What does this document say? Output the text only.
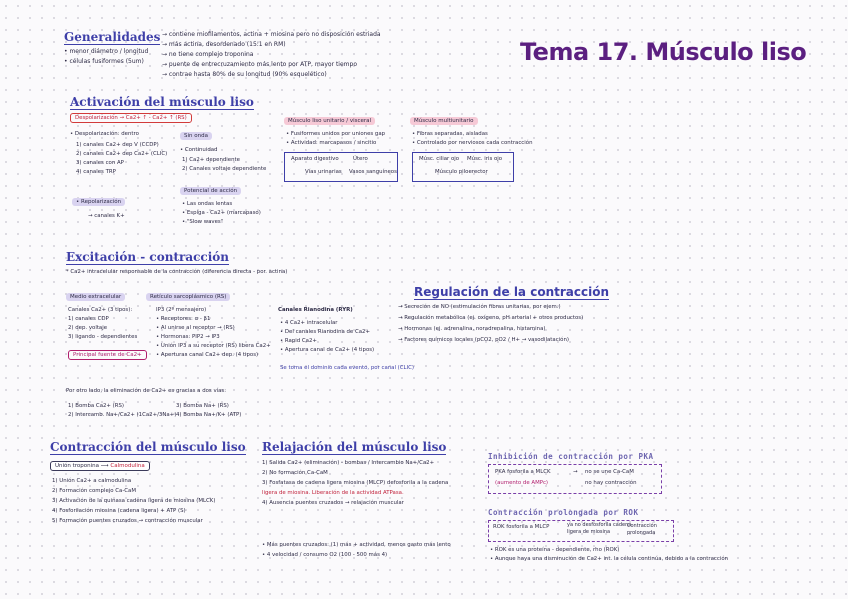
Tema 17. Músculo liso
Generalidades
• menor diámetro / longitud
• células fusiformes (5um)
→ contiene miofilamentos, actina + miosina pero no disposición estriada
→ más actina, desordenado (15:1 en RM)
→ no tiene complejo troponina
→ puente de entrecruzamiento más lento por ATP, mayor tiempo
→ contrae hasta 80% de su longitud (90% esquelético)
Activación del músculo liso
Despolarización → Ca2+ ↑ - Ca2+ ↑ (RS)
• Despolarización: dentro
1) canales Ca2+ dep V (CCDP)
2) canales Ca2+ dep Ca2+ (CLIC)
3) canales con AP
4) canales TRP
• Repolarización
→ canales K+
Sin onda
• Continuidad
1) Ca2+ dependiente
2) Canales voltaje dependiente
Potencial de acción
• Las ondas lentas
• Espiga - Ca2+ (marcapaso)
• "Slow waves"
Músculo liso unitario / visceral
• Fusiformes unidos por uniones gap
• Actividad: marcapasos / sincitio
Aparato digestivo	Útero
Vías urinarias Vasos sanguíneos
Músculo multiunitario
• Fibras separadas, aisladas
• Controlado por nerviosos cada contracción
Músc. ciliar ojo Músc. iris ojo
Músculo piloerector
Excitación - contracción
* Ca2+ intracelular responsable de la contracción (diferencia directa - por. actina)
Medio extracelular
Canales Ca2+ (3 tipos):
1) canales CDP
2) dep. voltaje
3) ligando - dependientes
Principal fuente de Ca2+
Retículo sarcoplásmico (RS)
IP3 (2º mensajero)
• Receptores: α - β1
• Al unirse al receptor → (RS)
• Hormonas: PIP2 → IP3
• Unión IP3 a su receptor (RS) libera Ca2+
• Aperturas canal Ca2+ dep. (4 tipos)
Canales Rianodina (RYR)
• 4 Ca2+ intracelular
• Del canales Rianodina de Ca2+
• Rapid Ca2+
• Apertura canal de Ca2+ (4 tipos)
Se toma el dominio cada evento, por canal (CLIC)
Por otro lado, la eliminación de Ca2+ es gracias a dos vías:
1) Bomba Ca2+ (RS)
2) Intercamb. Na+/Ca2+ (1Ca2+/3Na+)
3) Bomba Na+ (RS)
4) Bomba Na+/K+ (ATP)
Regulación de la contracción
→ Secreción de NO (estimulación fibras unitarias, por ejem.)
→ Regulación metabólica (ej. oxígeno, pH arterial + otros productos)
→ Hormonas (ej. adrenalina, noradrenalina, histamina)
→ Factores químicos locales (pCO2, pO2 / H+ → vasodilatación)
Contracción del músculo liso
Unión troponina ⟶ Calmodulina
1) Unión Ca2+ a calmodulina
2) Formación complejo Ca-CaM
3) Activación de la quinasa cadena ligera de miosina (MLCK)
4) Fosforilación miosina (cadena ligera) + ATP (S)
5) Formación puentes cruzados → contracción muscular
Relajación del músculo liso
1) Salida Ca2+ (eliminación) - bombas / Intercambio Na+/Ca2+
2) No formación Ca-CaM
3) Fosfatasa de cadena ligera miosina (MLCP) defosforila a la cadena
ligera de miosina. Liberación de la actividad ATPasa.
4) Ausencia puentes cruzados → relajación muscular
• Más puentes cruzados: (1) más + actividad, menos gasto más lento
• 4 velocidad / consumo O2 (100 - 500 más 4)
Inhibición de contracción por PKA
PKA fosforila a MLCK
(aumento de AMPc)
→ no se une Ca-CaM
no hay contracción
Contracción prolongada por ROK
ROK fosforila a MLCP	ya no desfosforila cadena
ligera de miosina
Contracción prolongada
• ROK es una proteína - dependiente, rho (ROK)
• Aunque haya una disminución de Ca2+ int. la célula continúa, debido a la contracción
